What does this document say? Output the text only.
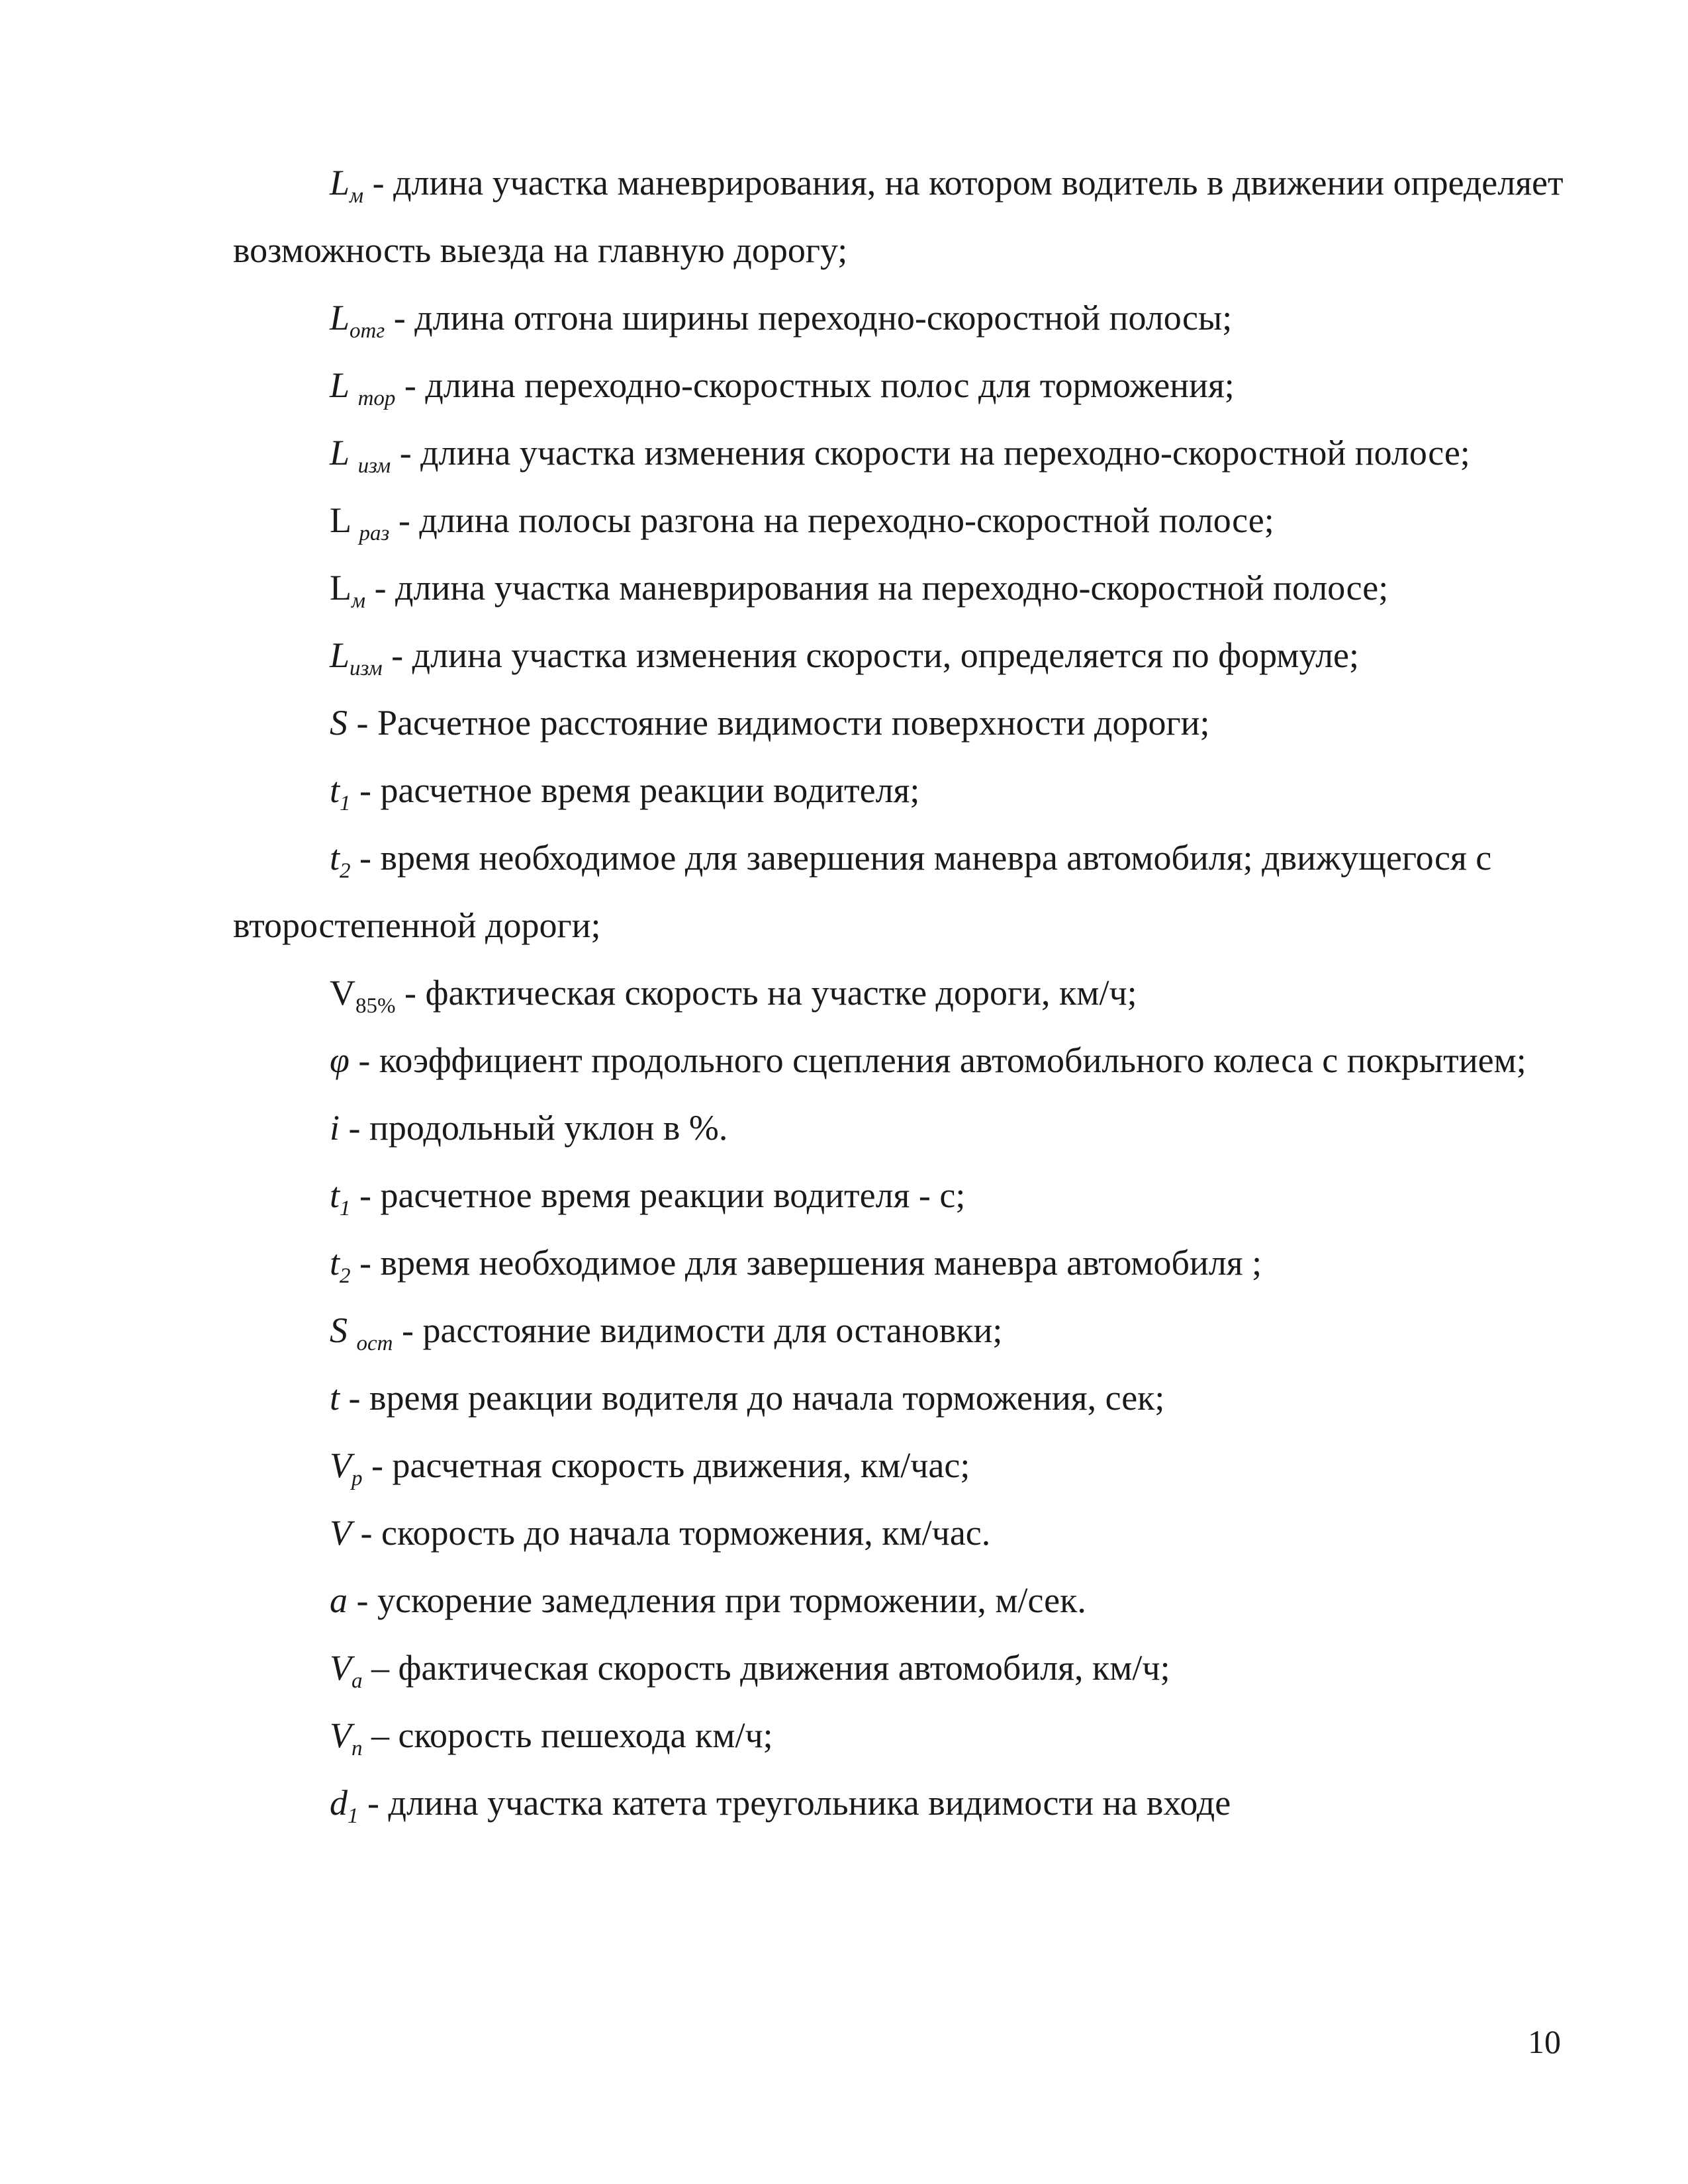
$L_м$ - длина участка маневрирования, на котором водитель в движении определяет возможность выезда на главную дорогу;

$L_{отг}$ - длина отгона ширины переходно-скоростной полосы;

L $_{тор}$ - длина переходно-скоростных полос для торможения;

L $_{изм}$ - длина участка изменения скорости на переходно-скоростной полосе;

L $_{раз}$ - длина полосы разгона на переходно-скоростной полосе;

$L_м$ - длина участка маневрирования на переходно-скоростной полосе;

$L_{изм}$ - длина участка изменения скорости, определяется по формуле;

S - Расчетное расстояние видимости поверхности дороги;

$t_1$ - расчетное время реакции водителя;

$t_2$ - время необходимое для завершения маневра автомобиля; движущегося с второстепенной дороги;

$V_{85\%}$ - фактическая скорость на участке дороги, км/ч;

φ - коэффициент продольного сцепления автомобильного колеса с покрытием;

i - продольный уклон в %.

$t_1$ - расчетное время реакции водителя - с;

$t_2$ - время необходимое для завершения маневра автомобиля ;

S $_{ост}$ - расстояние видимости для остановки;

t - время реакции водителя до начала торможения, сек;

$V_р$ - расчетная скорость движения, км/час;

V - скорость до начала торможения, км/час.

a - ускорение замедления при торможении, м/сек.

$V_а$ – фактическая скорость движения автомобиля, км/ч;

$V_п$ – скорость пешехода км/ч;

$d_1$ - длина участка катета треугольника видимости на входе

10
